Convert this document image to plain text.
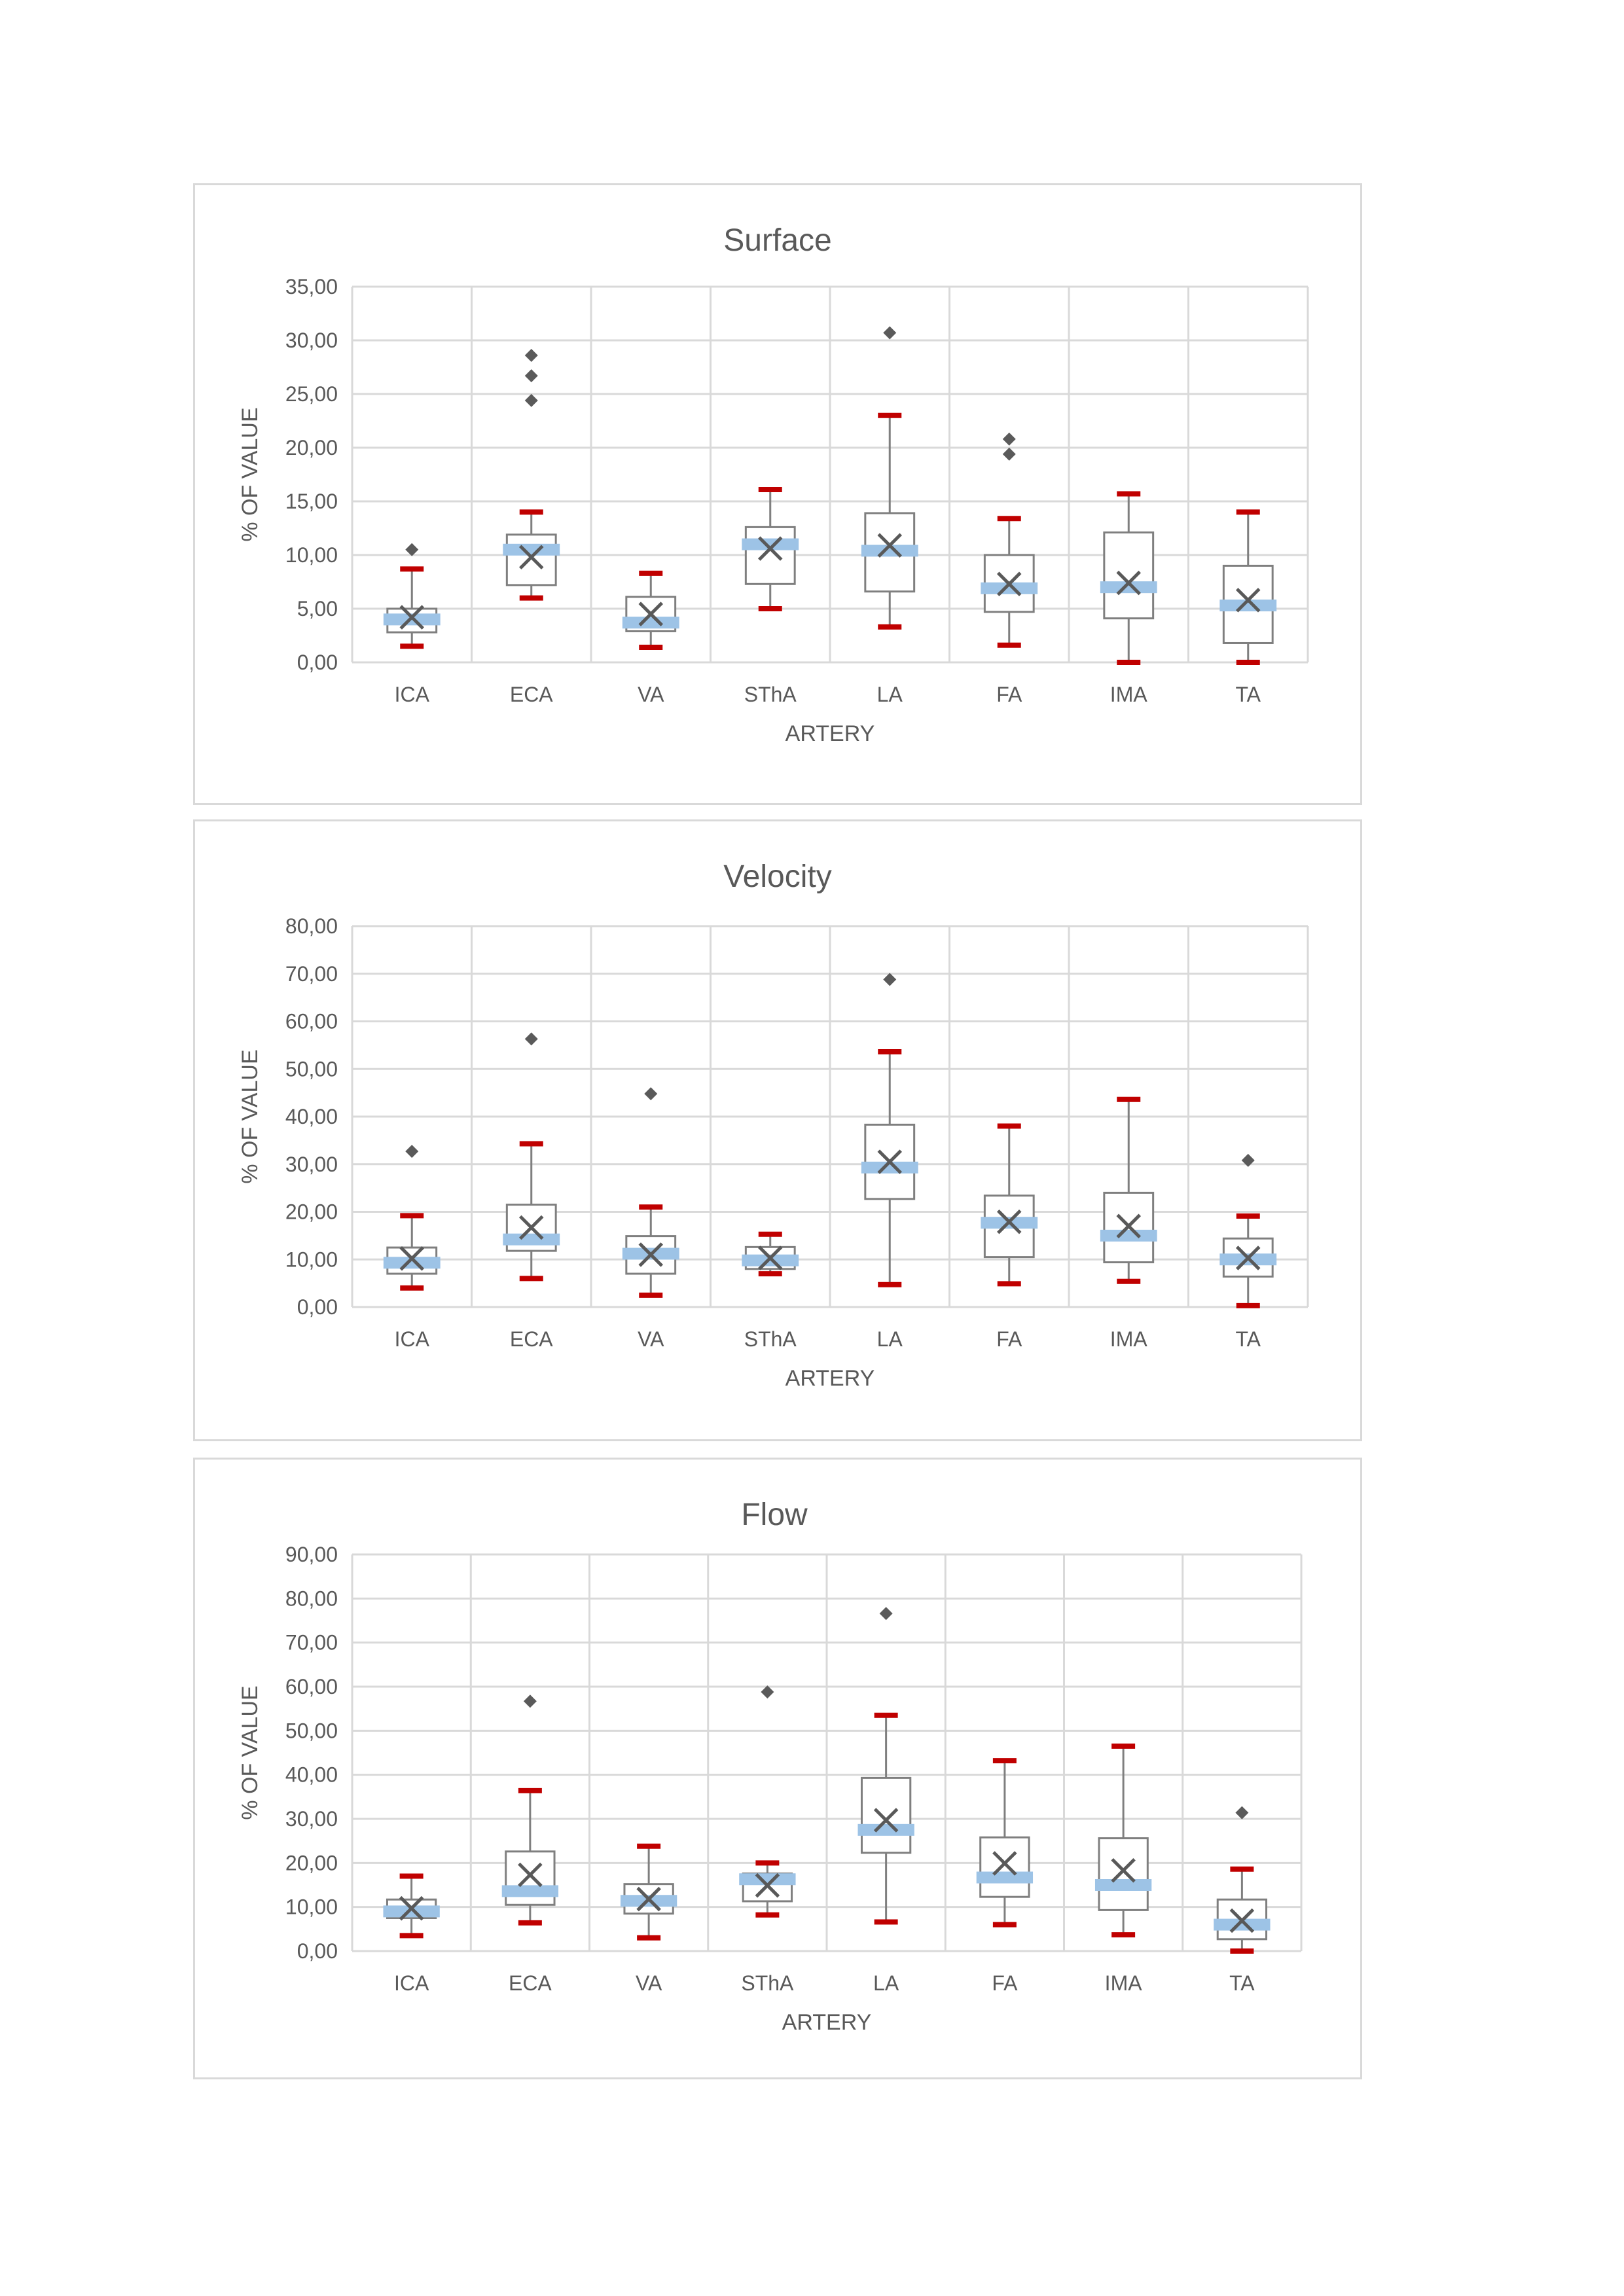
Surface
0,00
5,00
10,00
15,00
20,00
25,00
30,00
35,00
ICA	ECA	VA	SThA	LA	FA	IMA	TA
ARTERY
% OF VALUE
Velocity
0,00
10,00
20,00
30,00
40,00
50,00
60,00
70,00
80,00
ICA	ECA	VA	SThA	LA	FA	IMA	TA
ARTERY
% OF VALUE
Flow
0,00
10,00
20,00
30,00
40,00
50,00
60,00
70,00
80,00
90,00
ICA	ECA	VA	SThA	LA	FA	IMA	TA
ARTERY
% OF VALUE
